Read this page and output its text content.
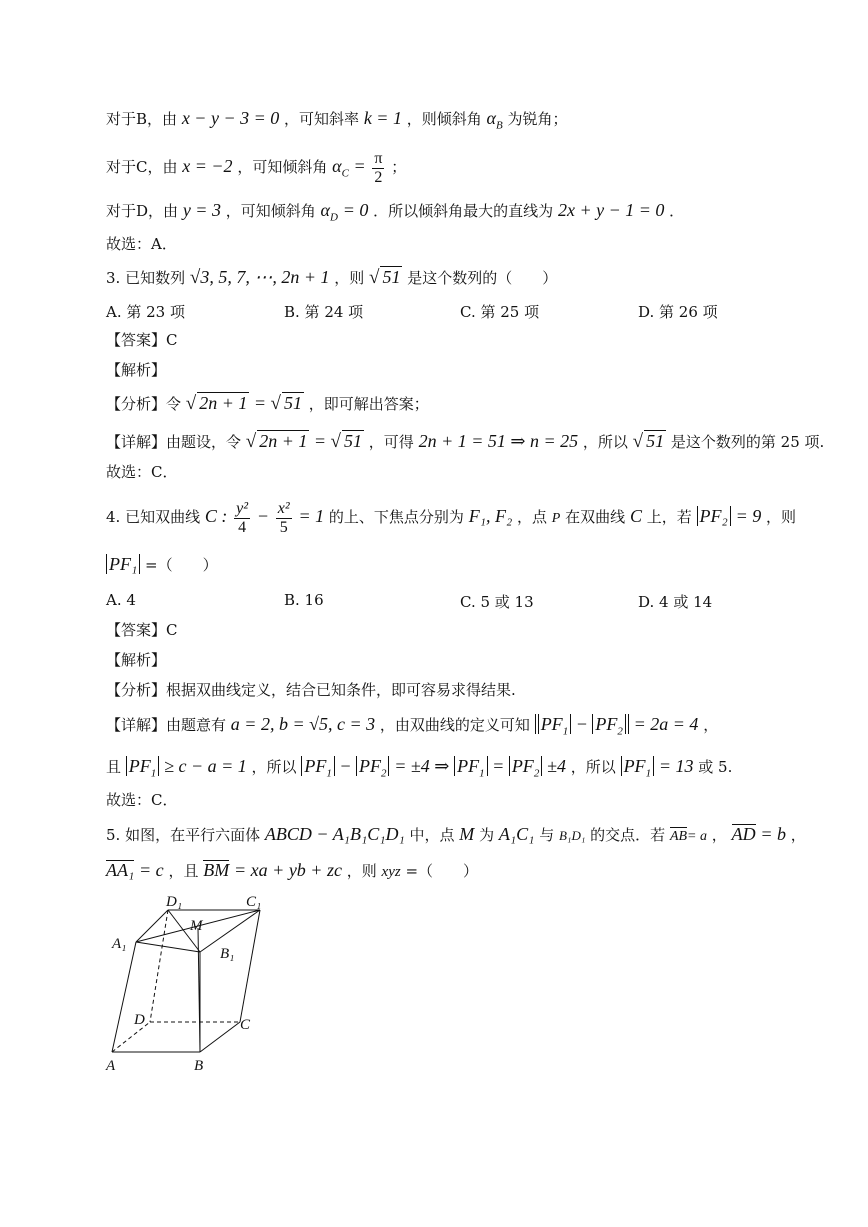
对于B，由 x − y − 3 = 0 ，可知斜率 k = 1 ，则倾斜角 $\alpha_B$ 为锐角；
对于C，由 x = −2 ，可知倾斜角 $\alpha_C = \frac{\pi}{2}$ ；
对于D，由 y = 3 ，可知倾斜角 $\alpha_D = 0$ ．所以倾斜角最大的直线为 2x + y − 1 = 0 ．
故选：A．
3. 已知数列 √3, 5, 7, ⋯, 2n + 1 ，则 √ 51 是这个数列的（　　）
A. 第 23 项	B. 第 24 项	C. 第 25 项	D. 第 26 项
【答案】C
【解析】
【分析】令 √ 2n + 1 = √ 51 ，即可解出答案；
【详解】由题设，令 √ 2n + 1 = √ 51 ，可得 2n + 1 = 51 ⇒ n = 25 ，所以 √ 51 是这个数列的第 25 项.
故选：C．
4. 已知双曲线 C : $\frac{\text{y²}}{4} - \frac{\text{x²}}{5} = 1$ 的上、下焦点分别为 F₁, F₂ ，点 P 在双曲线 C 上，若 PF₂ = 9 ，则
PF₁ =（　　）
A. 4	B. 16	C. 5 或 13	D. 4 或 14
【答案】C
【解析】
【分析】根据双曲线定义，结合已知条件，即可容易求得结果.
【详解】由题意有 a = 2, b = √5, c = 3 ，由双曲线的定义可知 $PF_1 - PF_2 = 2a = 4$ ，
且 $PF_1 \ge c - a = 1$ ，所以 $PF_1 - PF_2 = \pm 4$ ⇒ $PF_1 = PF_2 \pm 4$ ，所以 $PF_1 = 13$ 或 5.
故选：C．
5. 如图，在平行六面体 ABCD − A₁B₁C₁D₁ 中，点 M 为 A₁C₁ 与 B₁D₁ 的交点．若 AB= a ， AD = b ，
AA₁ = c ，且 BM = xa + yb + zc ，则 xyz =（　　）
D₁	C₁
M
A₁
B₁
D	C
A	B
